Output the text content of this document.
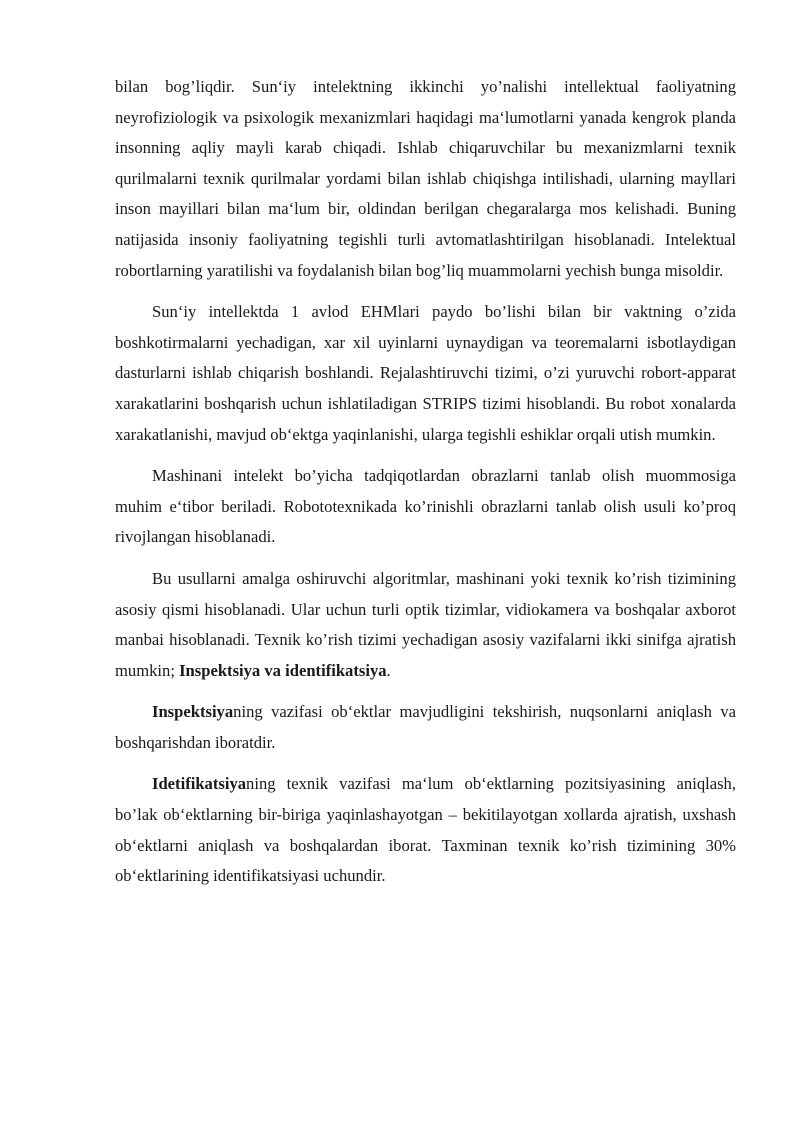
bilan bog’liqdir. Sun‘iy intelektning ikkinchi yo’nalishi intellektual faoliyatning neyrofiziologik va psixologik mexanizmlari haqidagi ma‘lumotlarni yanada kengrok planda insonning aqliy mayli karab chiqadi. Ishlab chiqaruvchilar bu mexanizmlarni texnik qurilmalarni texnik qurilmalar yordami bilan ishlab chiqishga intilishadi, ularning mayllari inson mayillari bilan ma‘lum bir, oldindan berilgan chegaralarga mos kelishadi. Buning natijasida insoniy faoliyatning tegishli turli avtomatlashtirilgan hisoblanadi. Intelektual robortlarning yaratilishi va foydalanish bilan bog’liq muammolarni yechish bunga misoldir.

Sun‘iy intellektda 1 avlod EHMlari paydo bo’lishi bilan bir vaktning o’zida boshkotirmalarni yechadigan, xar xil uyinlarni uynaydigan va teoremalarni isbotlaydigan dasturlarni ishlab chiqarish boshlandi. Rejalashtiruvchi tizimi, o’zi yuruvchi robort-apparat xarakatlarini boshqarish uchun ishlatiladigan STRIPS tizimi hisoblandi. Bu robot xonalarda xarakatlanishi, mavjud ob‘ektga yaqinlanishi, ularga tegishli eshiklar orqali utish mumkin.

Mashinani intelekt bo’yicha tadqiqotlardan obrazlarni tanlab olish muommosiga muhim e‘tibor beriladi. Robototexnikada ko’rinishli obrazlarni tanlab olish usuli ko’proq rivojlangan hisoblanadi.

Bu usullarni amalga oshiruvchi algoritmlar, mashinani yoki texnik ko’rish tizimining asosiy qismi hisoblanadi. Ular uchun turli optik tizimlar, vidiokamera va boshqalar axborot manbai hisoblanadi. Texnik ko’rish tizimi yechadigan asosiy vazifalarni ikki sinifga ajratish mumkin; Inspektsiya va identifikatsiya.

Inspektsiyaning vazifasi ob‘ektlar mavjudligini tekshirish, nuqsonlarni aniqlash va boshqarishdan iboratdir.

Idetifikatsiyaning texnik vazifasi ma‘lum ob‘ektlarning pozitsiyasining aniqlash, bo’lak ob‘ektlarning bir-biriga yaqinlashayotgan – bekitilayotgan xollarda ajratish, uxshash ob‘ektlarni aniqlash va boshqalardan iborat. Taxminan texnik ko’rish tizimining 30% ob‘ektlarining identifikatsiyasi uchundir.
